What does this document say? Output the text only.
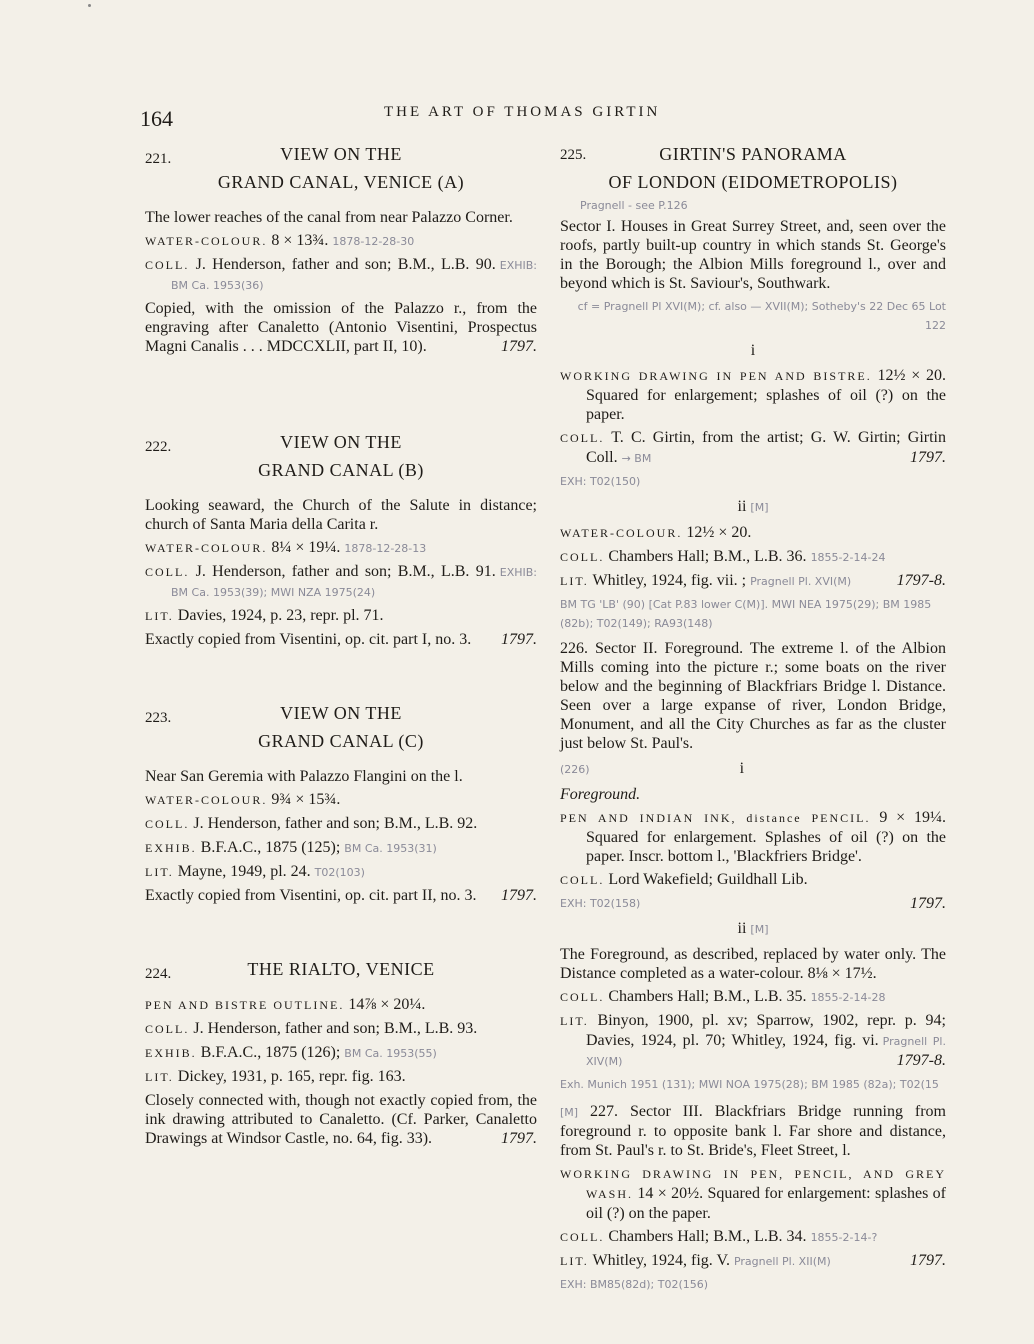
164	THE ART OF THOMAS GIRTIN
221.	VIEW ON THE
GRAND CANAL, VENICE (A)

The lower reaches of the canal from near Palazzo Corner.

WATER-COLOUR. 8 × 13¾. 1878-12-28-30

COLL. J. Henderson, father and son; B.M., L.B. 90. EXHIB: BM Ca. 1953(36)

Copied, with the omission of the Palazzo r., from the engraving after Canaletto (Antonio Visentini, Prospectus Magni Canalis . . . MDCCXLII, part II, 10).	1797.

222.	VIEW ON THE
GRAND CANAL (B)

Looking seaward, the Church of the Salute in distance; church of Santa Maria della Carita r.

WATER-COLOUR. 8¼ × 19¼. 1878-12-28-13

COLL. J. Henderson, father and son; B.M., L.B. 91. EXHIB: BM Ca. 1953(39); MWI NZA 1975(24)

LIT. Davies, 1924, p. 23, repr. pl. 71.

Exactly copied from Visentini, op. cit. part I, no. 3. 1797.

223.	VIEW ON THE
GRAND CANAL (C)

Near San Geremia with Palazzo Flangini on the l.

WATER-COLOUR. 9¾ × 15¾.

COLL. J. Henderson, father and son; B.M., L.B. 92.

EXHIB. B.F.A.C., 1875 (125); BM Ca. 1953(31)

LIT. Mayne, 1949, pl. 24. T02(103)

Exactly copied from Visentini, op. cit. part II, no. 3. 1797.

224.	THE RIALTO, VENICE

PEN AND BISTRE OUTLINE. 14⅞ × 20¼.

COLL. J. Henderson, father and son; B.M., L.B. 93.

EXHIB. B.F.A.C., 1875 (126); BM Ca. 1953(55)

LIT. Dickey, 1931, p. 165, repr. fig. 163.

Closely connected with, though not exactly copied from, the ink drawing attributed to Canaletto. (Cf. Parker, Canaletto Drawings at Windsor Castle, no. 64, fig. 33).	1797.

225.	GIRTIN'S PANORAMA
OF LONDON (EIDOMETROPOLIS)
Pragnell - see P.126

Sector I. Houses in Great Surrey Street, and, seen over the roofs, partly built-up country in which stands St. George's in the Borough; the Albion Mills foreground l., over and beyond which is St. Saviour's, Southwark.

cf = Pragnell Pl XVI(M); cf. also — XVII(M); Sotheby's 22 Dec 65 Lot 122
i

WORKING DRAWING IN PEN AND BISTRE. 12½ × 20. Squared for enlargement; splashes of oil (?) on the paper.

COLL. T. C. Girtin, from the artist; G. W. Girtin; Girtin Coll. → BM	1797.

EXH: T02(150)
ii [M]

WATER-COLOUR. 12½ × 20.

COLL. Chambers Hall; B.M., L.B. 36. 1855-2-14-24

LIT. Whitley, 1924, fig. vii. ; Pragnell Pl. XVI(M)	1797-8.

BM TG 'LB' (90) [Cat P.83 lower C(M)]. MWI NEA 1975(29); BM 1985 (82b); T02(149); RA93(148)

226. Sector II. Foreground. The extreme l. of the Albion Mills coming into the picture r.; some boats on the river below and the beginning of Blackfriars Bridge l. Distance. Seen over a large expanse of river, London Bridge, Monument, and all the City Churches as far as the cluster just below St. Paul's.

(226)	i

Foreground.

PEN AND INDIAN INK, distance PENCIL. 9 × 19¼. Squared for enlargement. Splashes of oil (?) on the paper. Inscr. bottom l., 'Blackfriers Bridge'.

COLL. Lord Wakefield; Guildhall Lib.

EXH: T02(158)	1797.
ii [M]

The Foreground, as described, replaced by water only. The Distance completed as a water-colour. 8⅛ × 17½.

COLL. Chambers Hall; B.M., L.B. 35. 1855-2-14-28

LIT. Binyon, 1900, pl. xv; Sparrow, 1902, repr. p. 94; Davies, 1924, pl. 70; Whitley, 1924, fig. vi. Pragnell Pl. XIV(M)	1797-8.

Exh. Munich 1951 (131); MWI NOA 1975(28); BM 1985 (82a); T02(15

[M] 227. Sector III. Blackfriars Bridge running from foreground r. to opposite bank l. Far shore and distance, from St. Paul's r. to St. Bride's, Fleet Street, l.

WORKING DRAWING IN PEN, PENCIL, AND GREY WASH. 14 × 20½. Squared for enlargement: splashes of oil (?) on the paper.

COLL. Chambers Hall; B.M., L.B. 34. 1855-2-14-?

LIT. Whitley, 1924, fig. V. Pragnell Pl. XII(M)	1797.

EXH: BM85(82d); T02(156)
